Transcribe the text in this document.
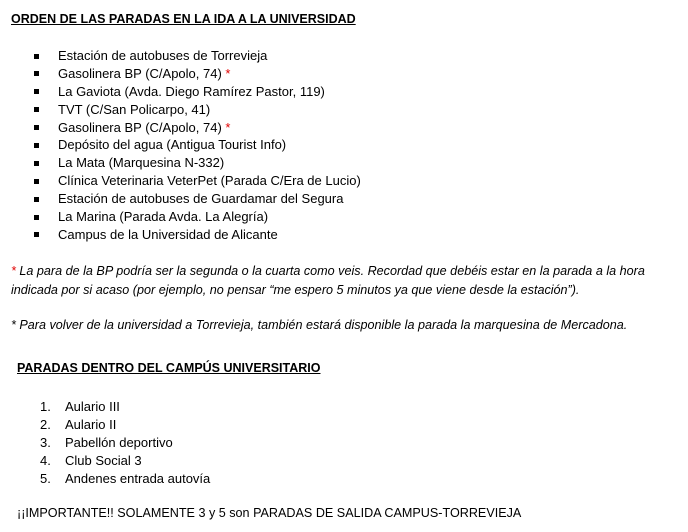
ORDEN DE LAS PARADAS EN LA IDA A LA UNIVERSIDAD
Estación de autobuses de Torrevieja
Gasolinera BP (C/Apolo, 74) *
La Gaviota (Avda. Diego Ramírez Pastor, 119)
TVT (C/San Policarpo, 41)
Gasolinera BP (C/Apolo, 74) *
Depósito del agua (Antigua Tourist Info)
La Mata (Marquesina N-332)
Clínica Veterinaria VeterPet (Parada C/Era de Lucio)
Estación de autobuses de Guardamar del Segura
La Marina (Parada Avda. La Alegría)
Campus de la Universidad de Alicante
* La para de la BP podría ser la segunda o la cuarta como veis. Recordad que debéis estar en la parada a la hora
indicada por si acaso (por ejemplo, no pensar “me espero 5 minutos ya que viene desde la estación”).
* Para volver de la universidad a Torrevieja, también estará disponible la parada la marquesina de Mercadona.
PARADAS DENTRO DEL CAMPÚS UNIVERSITARIO
1.	Aulario III
2.	Aulario II
3.	Pabellón deportivo
4.	Club Social 3
5.	Andenes entrada autovía
¡¡IMPORTANTE!! SOLAMENTE 3 y 5 son PARADAS DE SALIDA CAMPUS-TORREVIEJA
